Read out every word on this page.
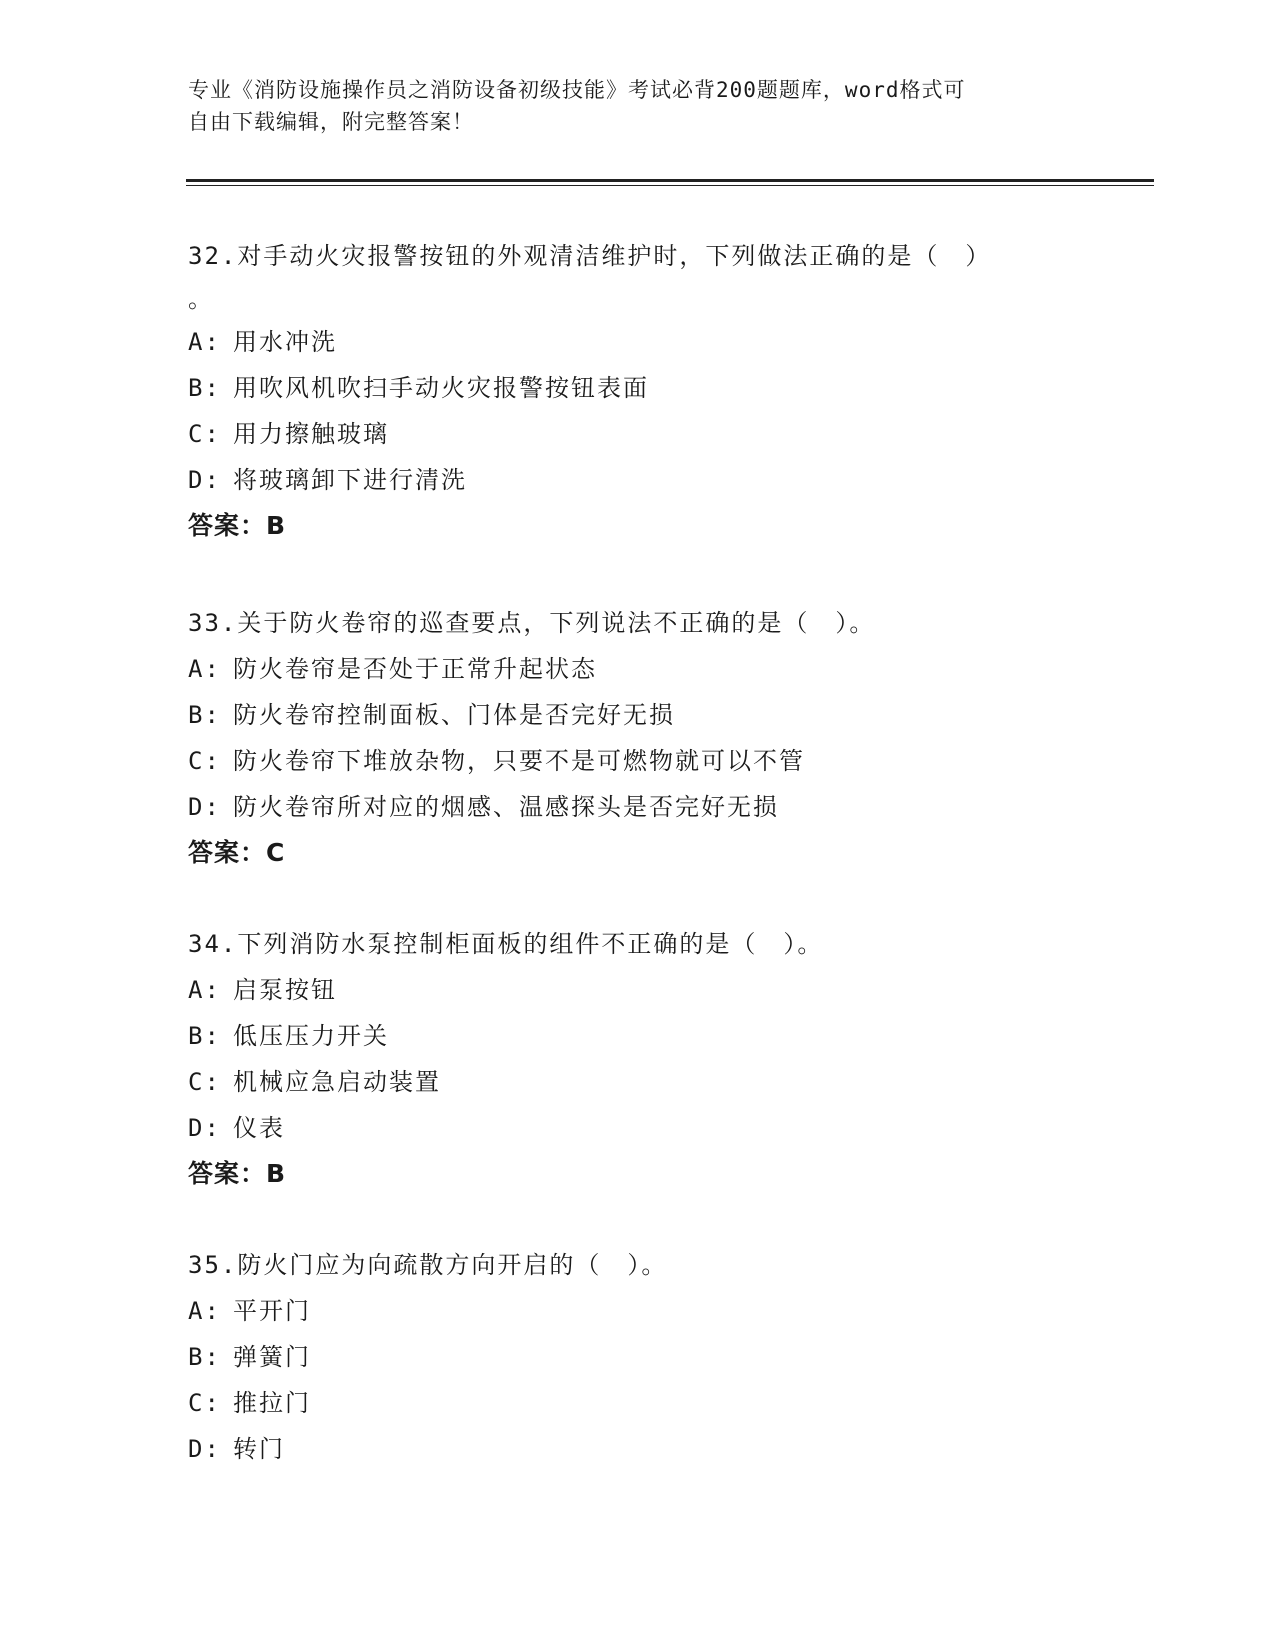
专业《消防设施操作员之消防设备初级技能》考试必背200题题库，word格式可

自由下载编辑，附完整答案！

32.对手动火灾报警按钮的外观清洁维护时，下列做法正确的是（　）

。

A: 用水冲洗
B: 用吹风机吹扫手动火灾报警按钮表面
C: 用力擦触玻璃
D: 将玻璃卸下进行清洗
答案：B

33.关于防火卷帘的巡查要点，下列说法不正确的是（　）。

A: 防火卷帘是否处于正常升起状态
B: 防火卷帘控制面板、门体是否完好无损
C: 防火卷帘下堆放杂物，只要不是可燃物就可以不管
D: 防火卷帘所对应的烟感、温感探头是否完好无损
答案：C

34.下列消防水泵控制柜面板的组件不正确的是（　）。

A: 启泵按钮
B: 低压压力开关
C: 机械应急启动装置
D: 仪表
答案：B

35.防火门应为向疏散方向开启的（　）。

A: 平开门
B: 弹簧门
C: 推拉门
D: 转门
